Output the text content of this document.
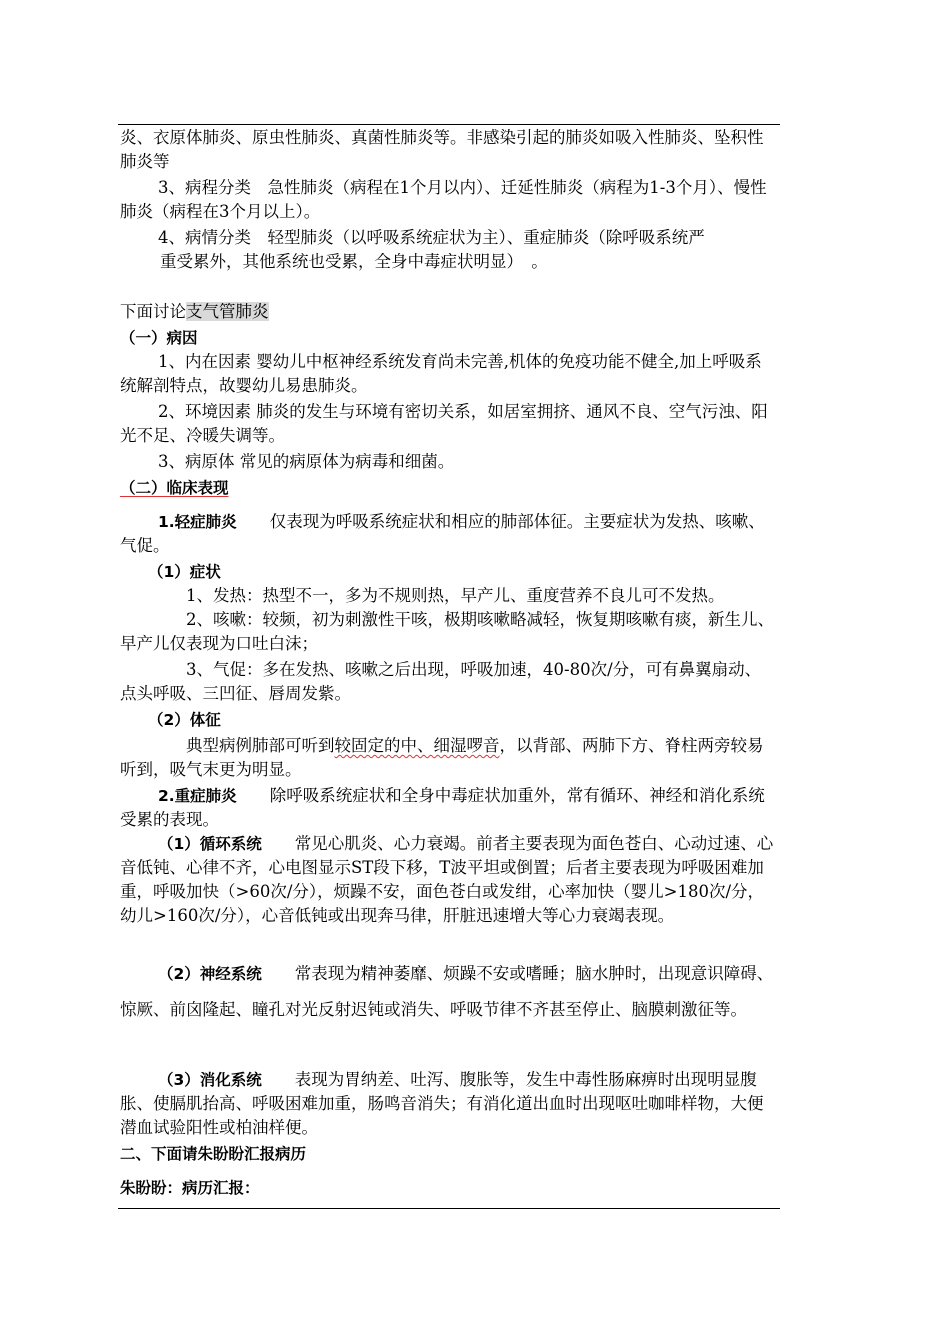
炎、衣原体肺炎、原虫性肺炎、真菌性肺炎等。非感染引起的肺炎如吸入性肺炎、坠积性肺炎等

3、病程分类　急性肺炎（病程在1个月以内）、迁延性肺炎（病程为1-3个月）、慢性肺炎（病程在3个月以上）。

4、病情分类　轻型肺炎（以呼吸系统症状为主）、重症肺炎（除呼吸系统严

重受累外，其他系统也受累，全身中毒症状明显）　。

下面讨论支气管肺炎

（一）病因

1、内在因素 婴幼儿中枢神经系统发育尚未完善,机体的免疫功能不健全,加上呼吸系统解剖特点，故婴幼儿易患肺炎。

2、环境因素 肺炎的发生与环境有密切关系，如居室拥挤、通风不良、空气污浊、阳光不足、冷暖失调等。

3、病原体 常见的病原体为病毒和细菌。

（二）临床表现

1.轻症肺炎　　仅表现为呼吸系统症状和相应的肺部体征。主要症状为发热、咳嗽、气促。

（1）症状

1、发热：热型不一，多为不规则热，早产儿、重度营养不良儿可不发热。

2、咳嗽：较频，初为刺激性干咳，极期咳嗽略减轻，恢复期咳嗽有痰，新生儿、早产儿仅表现为口吐白沫；

3、气促：多在发热、咳嗽之后出现，呼吸加速，40-80次/分，可有鼻翼扇动、点头呼吸、三凹征、唇周发紫。

（2）体征

典型病例肺部可听到较固定的中、细湿啰音，以背部、两肺下方、脊柱两旁较易听到，吸气末更为明显。

2.重症肺炎　　除呼吸系统症状和全身中毒症状加重外，常有循环、神经和消化系统受累的表现。

（1）循环系统　　常见心肌炎、心力衰竭。前者主要表现为面色苍白、心动过速、心音低钝、心律不齐，心电图显示ST段下移，T波平坦或倒置；后者主要表现为呼吸困难加重，呼吸加快（>60次/分），烦躁不安，面色苍白或发绀，心率加快（婴儿>180次/分，幼儿>160次/分），心音低钝或出现奔马律，肝脏迅速增大等心力衰竭表现。

（2）神经系统　　常表现为精神萎靡、烦躁不安或嗜睡；脑水肿时，出现意识障碍、惊厥、前囟隆起、瞳孔对光反射迟钝或消失、呼吸节律不齐甚至停止、脑膜刺激征等。

（3）消化系统　　表现为胃纳差、吐泻、腹胀等，发生中毒性肠麻痹时出现明显腹胀、使膈肌抬高、呼吸困难加重，肠鸣音消失；有消化道出血时出现呕吐咖啡样物，大便潜血试验阳性或柏油样便。

二、下面请朱盼盼汇报病历

朱盼盼：病历汇报：
